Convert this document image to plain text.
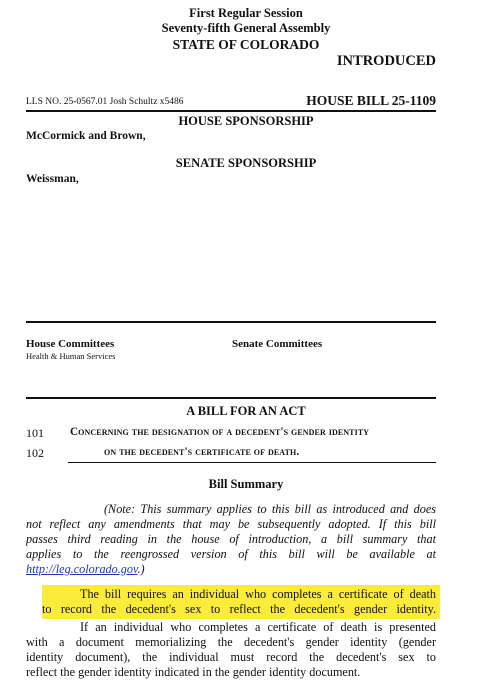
First Regular Session
Seventy-fifth General Assembly
STATE OF COLORADO
INTRODUCED
LLS NO. 25-0567.01 Josh Schultz x5486	HOUSE BILL 25-1109
HOUSE SPONSORSHIP
McCormick and Brown,
SENATE SPONSORSHIP
Weissman,
House Committees
Health & Human Services
Senate Committees
A BILL FOR AN ACT
101 Concerning the designation of a decedent's gender identity
102	on the decedent's certificate of death.
Bill Summary
(Note: This summary applies to this bill as introduced and does
not reflect any amendments that may be subsequently adopted. If this bill
passes third reading in the house of introduction, a bill summary that
applies to the reengrossed version of this bill will be available at
http://leg.colorado.gov.)
The bill requires an individual who completes a certificate of death
to record the decedent's sex to reflect the decedent's gender identity.
If an individual who completes a certificate of death is presented
with a document memorializing the decedent's gender identity (gender
identity document), the individual must record the decedent's sex to
reflect the gender identity indicated in the gender identity document.
